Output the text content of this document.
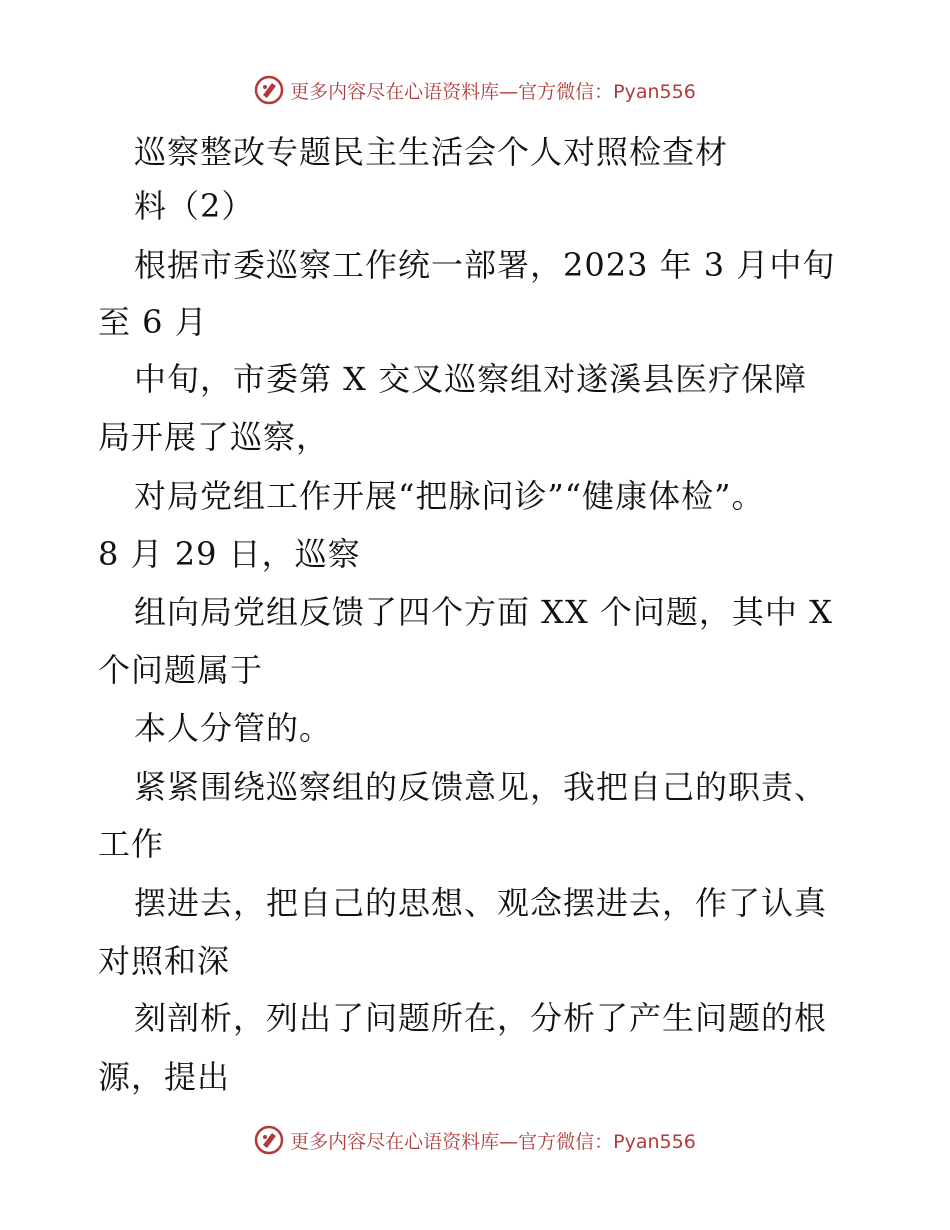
更多内容尽在心语资料库—官方微信：Pyan556
巡察整改专题民主生活会个人对照检查材
料（2）
根据市委巡察工作统一部署，2023 年 3 月中旬
至 6 月
中旬，市委第 X 交叉巡察组对遂溪县医疗保障
局开展了巡察，
对局党组工作开展“把脉问诊”“健康体检”。
8 月 29 日，巡察
组向局党组反馈了四个方面 XX 个问题，其中 X
个问题属于
本人分管的。
紧紧围绕巡察组的反馈意见，我把自己的职责、
工作
摆进去，把自己的思想、观念摆进去，作了认真
对照和深
刻剖析，列出了问题所在，分析了产生问题的根
源，提出
更多内容尽在心语资料库—官方微信：Pyan556
